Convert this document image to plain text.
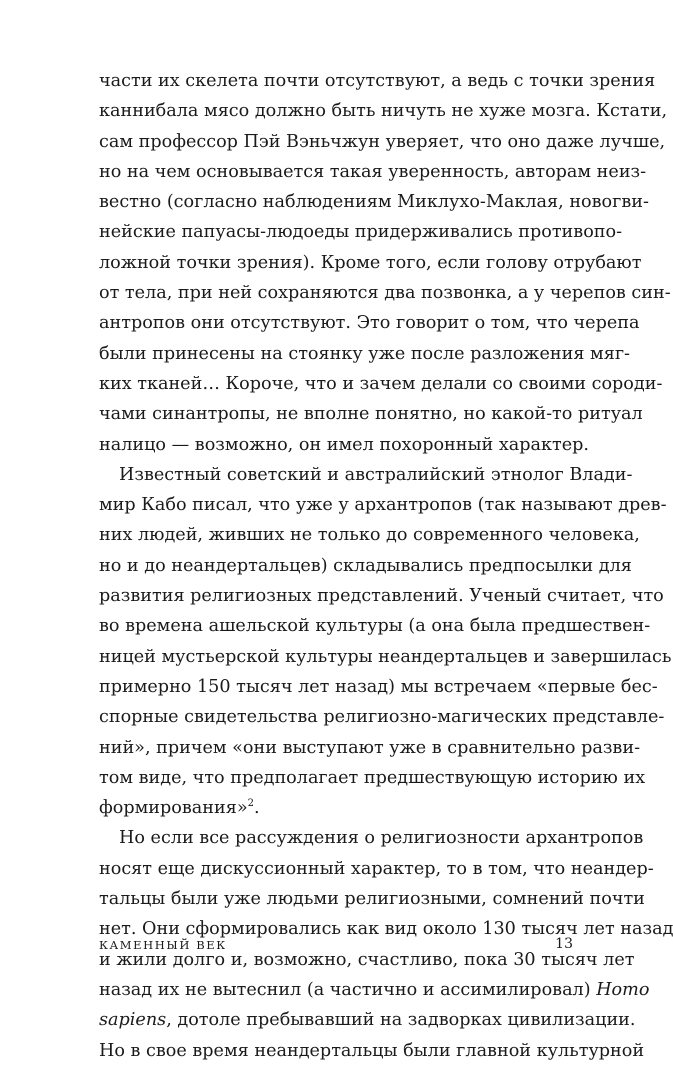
части их скелета почти отсутствуют, а ведь с точки зрения
каннибала мясо должно быть ничуть не хуже мозга. Кстати,
сам профессор Пэй Вэньчжун уверяет, что оно даже лучше,
но на чем основывается такая уверенность, авторам неиз-
вестно (согласно наблюдениям Миклухо-Маклая, новогви-
нейские папуасы-людоеды придерживались противопо-
ложной точки зрения). Кроме того, если голову отрубают
от тела, при ней сохраняются два позвонка, а у черепов син-
антропов они отсутствуют. Это говорит о том, что черепа
были принесены на стоянку уже после разложения мяг-
ких тканей… Короче, что и зачем делали со своими сороди-
чами синантропы, не вполне понятно, но какой-то ритуал
налицо — возможно, он имел похоронный характер.
Известный советский и австралийский этнолог Влади-
мир Кабо писал, что уже у архантропов (так называют древ-
них людей, живших не только до современного человека,
но и до неандертальцев) складывались предпосылки для
развития религиозных представлений. Ученый считает, что
во времена ашельской культуры (а она была предшествен-
ницей мустьерской культуры неандертальцев и завершилась
примерно 150 тысяч лет назад) мы встречаем «первые бес-
спорные свидетельства религиозно-магических представле-
ний», причем «они выступают уже в сравнительно разви-
том виде, что предполагает предшествующую историю их
формирования»$^2$.
Но если все рассуждения о религиозности архантропов
носят еще дискуссионный характер, то в том, что неандер-
тальцы были уже людьми религиозными, сомнений почти
нет. Они сформировались как вид около 130 тысяч лет назад
и жили долго и, возможно, счастливо, пока 30 тысяч лет
назад их не вытеснил (а частично и ассимилировал) Homo
sapiens, дотоле пребывавший на задворках цивилизации.
Но в свое время неандертальцы были главной культурной
КАМЕННЫЙ ВЕК	13
